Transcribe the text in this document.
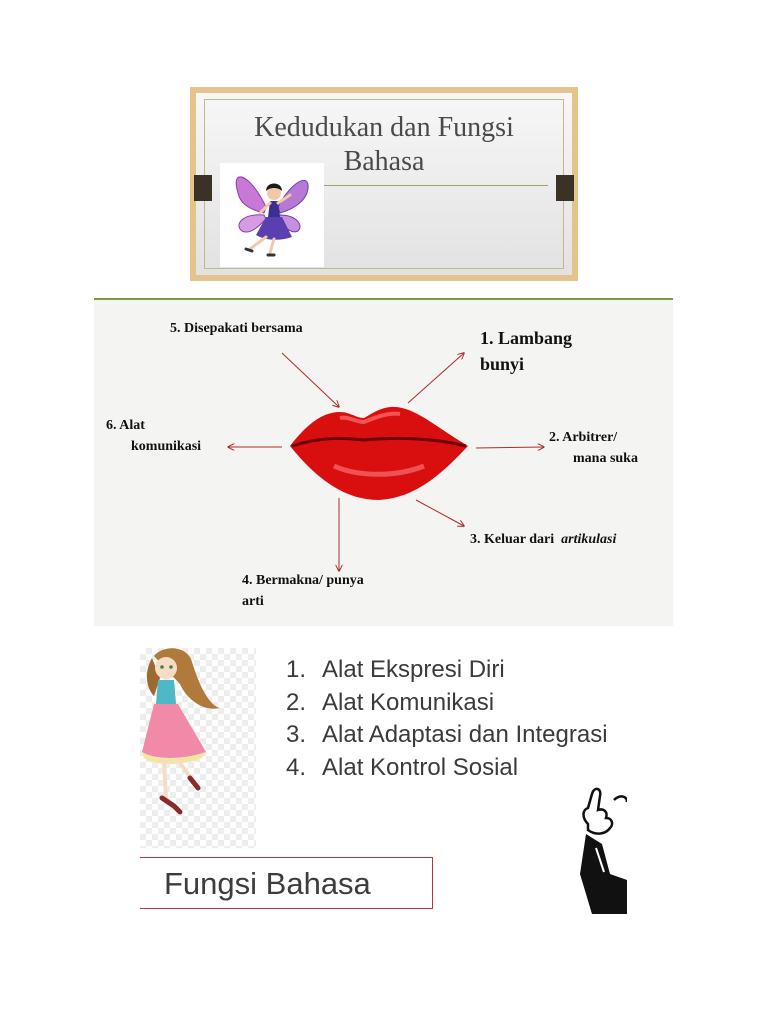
Kedudukan dan Fungsi
Bahasa
5. Disepakati bersama	1. Lambang
bunyi
6. Alat
komunikasi
2. Arbitrer/
mana suka
3. Keluar dari artikulasi
4. Bermakna/ punya
arti
1. Alat Ekspresi Diri
2. Alat Komunikasi
3. Alat Adaptasi dan Integrasi
4. Alat Kontrol Sosial
Fungsi Bahasa
